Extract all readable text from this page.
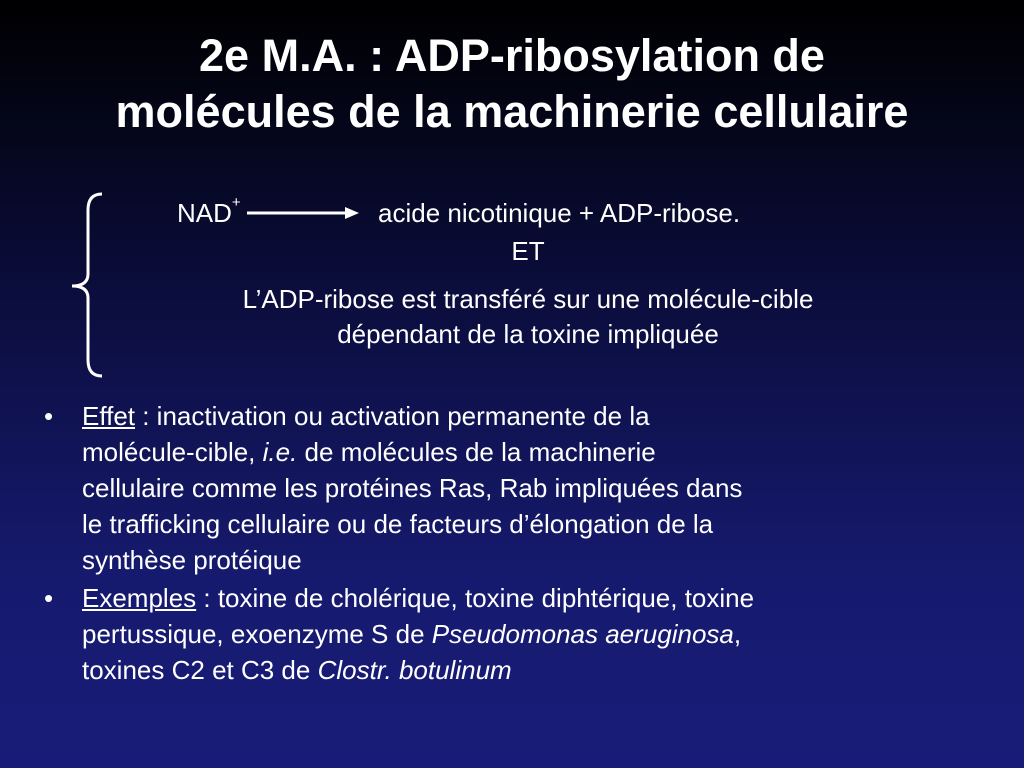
2e M.A. : ADP-ribosylation de
molécules de la machinerie cellulaire
NAD+	acide nicotinique + ADP-ribose.
ET

L’ADP-ribose est transféré sur une molécule-cible
dépendant de la toxine impliquée

• Effet : inactivation ou activation permanente de la
molécule-cible, i.e. de molécules de la machinerie
cellulaire comme les protéines Ras, Rab impliquées dans
le trafficking cellulaire ou de facteurs d’élongation de la
synthèse protéique
• Exemples : toxine de cholérique, toxine diphtérique, toxine
pertussique, exoenzyme S de Pseudomonas aeruginosa,
toxines C2 et C3 de Clostr. botulinum
